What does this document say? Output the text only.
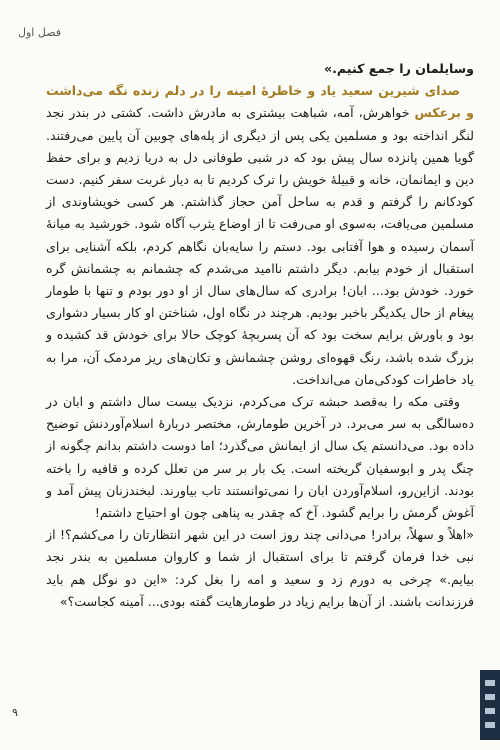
فصل اول

وسایلمان را جمع کنیم.»

صدای شیرین سعید یاد و خاطرهٔ امینه را در دلم زنده نگه می‌داشت و برعکس خواهرش، آمه، شباهت بیشتری به مادرش داشت. کشتی در بندر نجد لنگر انداخته بود و مسلمین یکی پس از دیگری از پله‌های چوبین آن پایین می‌رفتند. گویا همین پانزده سال پیش بود که در شبی طوفانی دل به دریا زدیم و برای حفظ دین و ایمانمان، خانه و قبیلهٔ خویش را ترک کردیم تا به دیار غربت سفر کنیم. دست کودکانم را گرفتم و قدم به ساحل آمن حجاز گذاشتم. هر کسی خویشاوندی از مسلمین می‌یافت، به‌سوی او می‌رفت تا از اوضاع یثرب آگاه شود. خورشید به میانهٔ آسمان رسیده و هوا آفتابی بود. دستم را سایه‌بان نگاهم کردم، بلکه آشنایی برای استقبال از خودم بیابم. دیگر داشتم ناامید می‌شدم که چشمانم به چشمانش گره خورد. خودش بود... ابان! برادری که سال‌های سال از او دور بودم و تنها با طومار پیغام از حال یکدیگر باخبر بودیم. هرچند در نگاه اول، شناختن او کار بسیار دشواری بود و باورش برایم سخت بود که آن پسربچهٔ کوچک حالا برای خودش قد کشیده و بزرگ شده باشد، رنگ قهوه‌ای روشن چشمانش و تکان‌های ریز مردمک آن، مرا به یاد خاطرات کودکی‌مان می‌انداخت.

وقتی مکه را به‌قصد حبشه ترک می‌کردم، نزدیک بیست سال داشتم و ابان در ده‌سالگی به سر می‌برد. در آخرین طومارش، مختصر دربارهٔ اسلام‌آوردنش توضیح داده بود. می‌دانستم یک سال از ایمانش می‌گذرد؛ اما دوست داشتم بدانم چگونه از چنگ پدر و ابوسفیان گریخته است. یک بار بر سر من تعلل کرده و قافیه را باخته بودند. ازاین‌رو، اسلام‌آوردن ابان را نمی‌توانستند تاب بیاورند. لبخندزنان پیش آمد و آغوش گرمش را برایم گشود. آخ که چقدر به پناهی چون او احتیاج داشتم!

«اهلاً و سهلاً، برادر! می‌دانی چند روز است در این شهر انتظارتان را می‌کشم؟! از نبی خدا فرمان گرفتم تا برای استقبال از شما و کاروان مسلمین به بندر نجد بیایم.» چرخی به دورم زد و سعید و امه را بغل کرد: «این دو نوگل هم باید فرزندانت باشند. از آن‌ها برایم زیاد در طومارهایت گفته بودی... آمینه کجاست؟»

۹
